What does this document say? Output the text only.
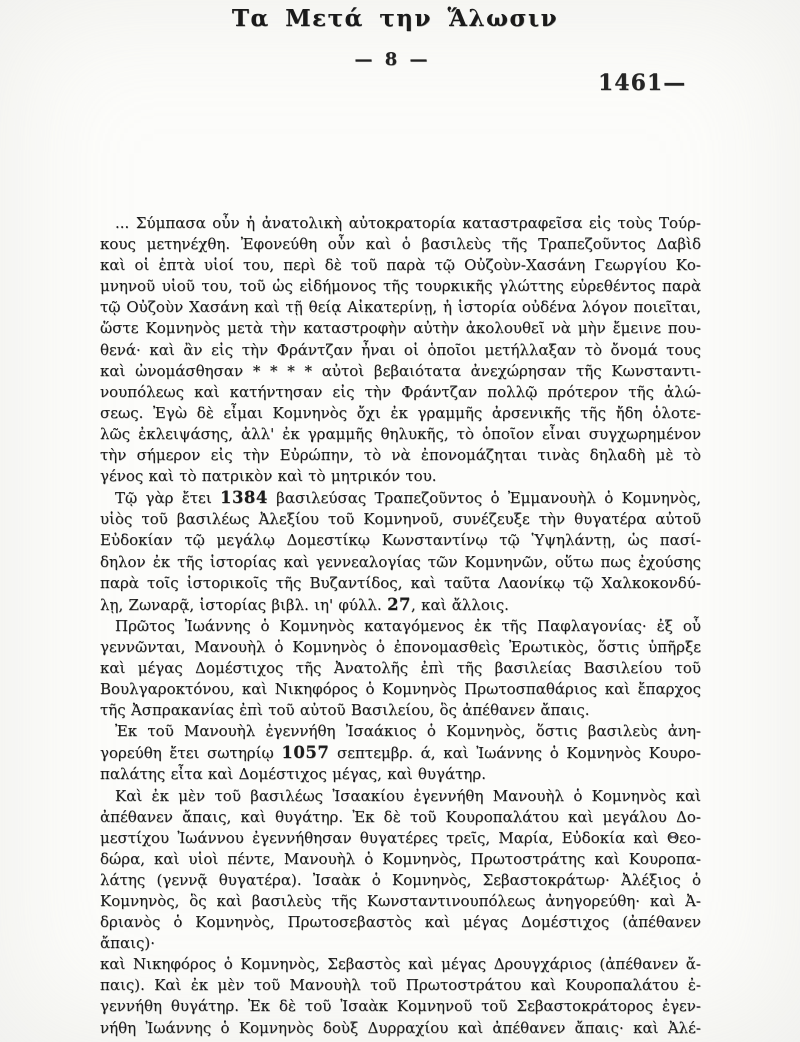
Τα Μετά την Ἅλωσιν
— 8 —
1461—
... Σύμπασα οὖν ἡ ἀνατολικὴ αὐτοκρατορία καταστραφεῖσα εἰς τοὺς Τούρ-
κους μετηνέχθη. Ἐφονεύθη οὖν καὶ ὁ βασιλεὺς τῆς Τραπεζοῦντος Δαβὶδ
καὶ οἱ ἑπτὰ υἱοί του, περὶ δὲ τοῦ παρὰ τῷ Οὐζοὺν-Χασάνη Γεωργίου Κο-
μνηνοῦ υἱοῦ του, τοῦ ὡς εἰδήμονος τῆς τουρκικῆς γλώττης εὑρεθέντος παρὰ
τῷ Οὐζοὺν Χασάνη καὶ τῇ θείᾳ Αἰκατερίνῃ, ἡ ἱστορία οὐδένα λόγον ποιεῖται,
ὥστε Κομνηνὸς μετὰ τὴν καταστροφὴν αὐτὴν ἀκολουθεῖ νὰ μὴν ἔμεινε που-
θενά· καὶ ἂν εἰς τὴν Φράντζαν ἦναι οἱ ὁποῖοι μετήλλαξαν τὸ ὄνομά τους
καὶ ὠνομάσθησαν * * * * αὐτοὶ βεβαιότατα ἀνεχώρησαν τῆς Κωνσταντι-
νουπόλεως καὶ κατήντησαν εἰς τὴν Φράντζαν πολλῷ πρότερον τῆς ἁλώ-
σεως. Ἐγὼ δὲ εἶμαι Κομνηνὸς ὄχι ἐκ γραμμῆς ἀρσενικῆς τῆς ἤδη ὁλοτε-
λῶς ἐκλειψάσης, ἀλλ' ἐκ γραμμῆς θηλυκῆς, τὸ ὁποῖον εἶναι συγχωρημένον
τὴν σήμερον εἰς τὴν Εὐρώπην, τὸ νὰ ἐπονομάζηται τινὰς δηλαδὴ μὲ τὸ
γένος καὶ τὸ πατρικὸν καὶ τὸ μητρικόν του.
Τῷ γὰρ ἔτει 1384 βασιλεύσας Τραπεζοῦντος ὁ Ἐμμανουὴλ ὁ Κομνηνὸς,
υἱὸς τοῦ βασιλέως Ἀλεξίου τοῦ Κομνηνοῦ, συνέζευξε τὴν θυγατέρα αὐτοῦ
Εὐδοκίαν τῷ μεγάλῳ Δομεστίκῳ Κωνσταντίνῳ τῷ Ὑψηλάντῃ, ὡς πασί-
δηλον ἐκ τῆς ἱστορίας καὶ γεννεαλογίας τῶν Κομνηνῶν, οὕτω πως ἐχούσης
παρὰ τοῖς ἱστορικοῖς τῆς Βυζαντίδος, καὶ ταῦτα Λαονίκῳ τῷ Χαλκοκονδύ-
λῃ, Ζωναρᾷ, ἱστορίας βιβλ. ιη' φύλλ. 27, καὶ ἄλλοις.
Πρῶτος Ἰωάννης ὁ Κομνηνὸς καταγόμενος ἐκ τῆς Παφλαγονίας· ἐξ οὗ
γεννῶνται, Μανουὴλ ὁ Κομνηνὸς ὁ ἐπονομασθεὶς Ἐρωτικὸς, ὅστις ὑπῆρξε
καὶ μέγας Δομέστιχος τῆς Ἀνατολῆς ἐπὶ τῆς βασιλείας Βασιλείου τοῦ
Βουλγαροκτόνου, καὶ Νικηφόρος ὁ Κομνηνὸς Πρωτοσπαθάριος καὶ ἔπαρχος
τῆς Ἀσπρακανίας ἐπὶ τοῦ αὐτοῦ Βασιλείου, ὃς ἀπέθανεν ἄπαις.
Ἐκ τοῦ Μανουὴλ ἐγεννήθη Ἰσαάκιος ὁ Κομνηνὸς, ὅστις βασιλεὺς ἀνη-
γορεύθη ἔτει σωτηρίῳ 1057 σεπτεμβρ. ά, καὶ Ἰωάννης ὁ Κομνηνὸς Κουρο-
παλάτης εἶτα καὶ Δομέστιχος μέγας, καὶ θυγάτηρ.
Καὶ ἐκ μὲν τοῦ βασιλέως Ἰσαακίου ἐγεννήθη Μανουὴλ ὁ Κομνηνὸς καὶ
ἀπέθανεν ἄπαις, καὶ θυγάτηρ. Ἐκ δὲ τοῦ Κουροπαλάτου καὶ μεγάλου Δο-
μεστίχου Ἰωάννου ἐγεννήθησαν θυγατέρες τρεῖς, Μαρία, Εὐδοκία καὶ Θεο-
δώρα, καὶ υἱοὶ πέντε, Μανουὴλ ὁ Κομνηνὸς, Πρωτοστράτης καὶ Κουροπα-
λάτης (γεννᾷ θυγατέρα). Ἰσαὰκ ὁ Κομνηνὸς, Σεβαστοκράτωρ· Ἀλέξιος ὁ
Κομνηνὸς, ὃς καὶ βασιλεὺς τῆς Κωνσταντινουπόλεως ἀνηγορεύθη· καὶ Ἀ-
δριανὸς ὁ Κομνηνὸς, Πρωτοσεβαστὸς καὶ μέγας Δομέστιχος (ἀπέθανεν ἄπαις)·
καὶ Νικηφόρος ὁ Κομνηνὸς, Σεβαστὸς καὶ μέγας Δρουγχάριος (ἀπέθανεν ἄ-
παις). Καὶ ἐκ μὲν τοῦ Μανουὴλ τοῦ Πρωτοστράτου καὶ Κουροπαλάτου ἐ-
γεννήθη θυγάτηρ. Ἐκ δὲ τοῦ Ἰσαὰκ Κομνηνοῦ τοῦ Σεβαστοκράτορος ἐγεν-
νήθη Ἰωάννης ὁ Κομνηνὸς δοὺξ Δυρραχίου καὶ ἀπέθανεν ἄπαις· καὶ Ἀλέ-
